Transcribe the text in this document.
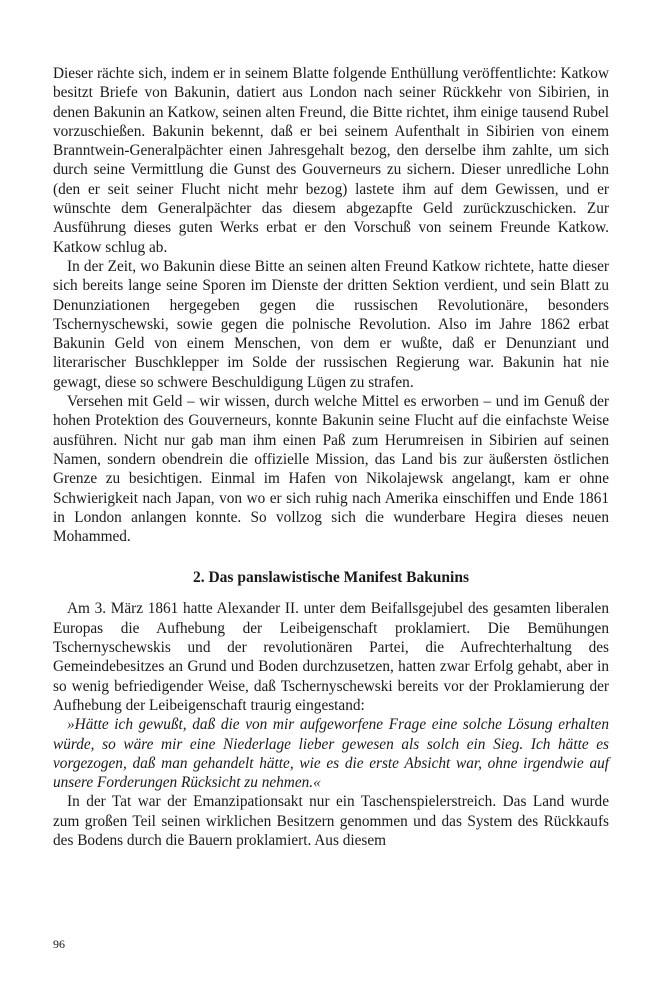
Dieser rächte sich, indem er in seinem Blatte folgende Enthüllung veröffentlichte: Katkow besitzt Briefe von Bakunin, datiert aus London nach seiner Rückkehr von Sibirien, in denen Bakunin an Katkow, seinen alten Freund, die Bitte richtet, ihm einige tausend Rubel vorzuschießen. Bakunin bekennt, daß er bei seinem Aufenthalt in Sibirien von einem Branntwein-Generalpächter einen Jahresgehalt bezog, den derselbe ihm zahlte, um sich durch seine Vermittlung die Gunst des Gouverneurs zu sichern. Dieser unredliche Lohn (den er seit seiner Flucht nicht mehr bezog) lastete ihm auf dem Gewissen, und er wünschte dem Generalpächter das diesem abgezapfte Geld zurückzuschicken. Zur Ausführung dieses guten Werks erbat er den Vorschuß von seinem Freunde Katkow. Katkow schlug ab.

In der Zeit, wo Bakunin diese Bitte an seinen alten Freund Katkow richtete, hatte dieser sich bereits lange seine Sporen im Dienste der dritten Sektion verdient, und sein Blatt zu Denunziationen hergegeben gegen die russischen Revolutionäre, besonders Tschernyschewski, sowie gegen die polnische Revolution. Also im Jahre 1862 erbat Bakunin Geld von einem Menschen, von dem er wußte, daß er Denunziant und literarischer Buschklepper im Solde der russischen Regierung war. Bakunin hat nie gewagt, diese so schwere Beschuldigung Lügen zu strafen.

Versehen mit Geld – wir wissen, durch welche Mittel es erworben – und im Genuß der hohen Protektion des Gouverneurs, konnte Bakunin seine Flucht auf die einfachste Weise ausführen. Nicht nur gab man ihm einen Paß zum Herumreisen in Sibirien auf seinen Namen, sondern obendrein die offizielle Mission, das Land bis zur äußersten östlichen Grenze zu besichtigen. Einmal im Hafen von Nikolajewsk angelangt, kam er ohne Schwierigkeit nach Japan, von wo er sich ruhig nach Amerika einschiffen und Ende 1861 in London anlangen konnte. So vollzog sich die wunderbare Hegira dieses neuen Mohammed.

2. Das panslawistische Manifest Bakunins

Am 3. März 1861 hatte Alexander II. unter dem Beifallsgejubel des gesamten liberalen Europas die Aufhebung der Leibeigenschaft proklamiert. Die Bemühungen Tschernyschewskis und der revolutionären Partei, die Aufrechterhaltung des Gemeindebesitzes an Grund und Boden durchzusetzen, hatten zwar Erfolg gehabt, aber in so wenig befriedigender Weise, daß Tschernyschewski bereits vor der Proklamierung der Aufhebung der Leibeigenschaft traurig eingestand:

»Hätte ich gewußt, daß die von mir aufgeworfene Frage eine solche Lösung erhalten würde, so wäre mir eine Niederlage lieber gewesen als solch ein Sieg. Ich hätte es vorgezogen, daß man gehandelt hätte, wie es die erste Absicht war, ohne irgendwie auf unsere Forderungen Rücksicht zu nehmen.«

In der Tat war der Emanzipationsakt nur ein Taschenspielerstreich. Das Land wurde zum großen Teil seinen wirklichen Besitzern genommen und das System des Rückkaufs des Bodens durch die Bauern proklamiert. Aus diesem

96
